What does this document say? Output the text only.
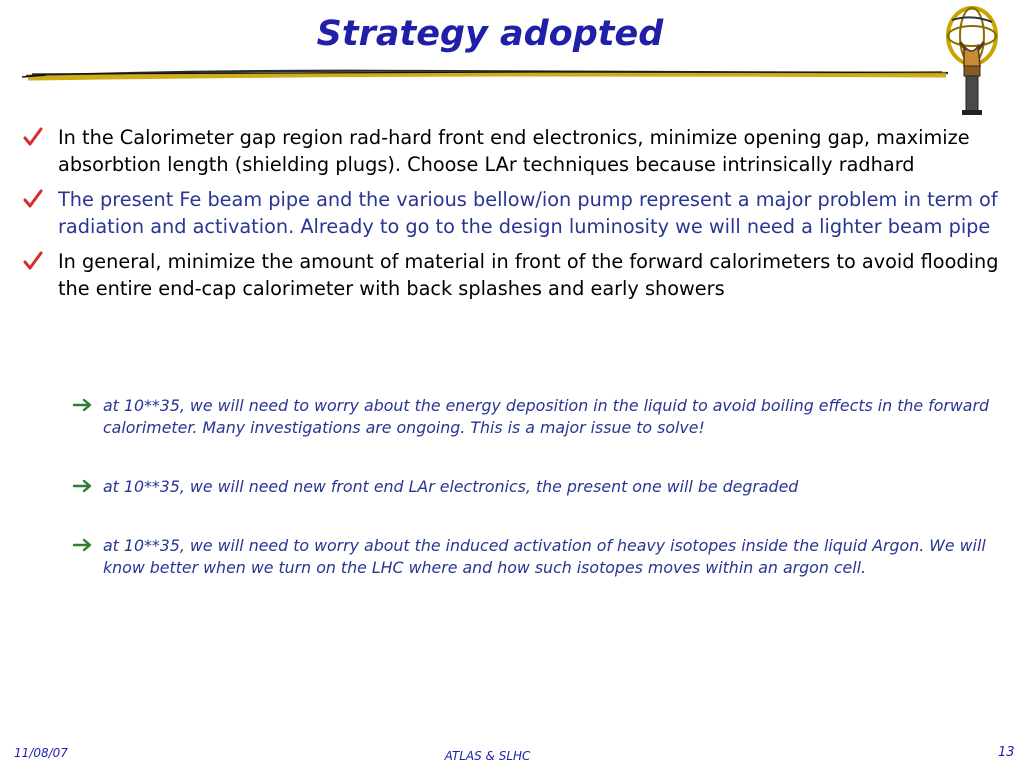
Strategy adopted
In the Calorimeter gap region rad-hard front end electronics, minimize opening gap, maximize absorbtion length (shielding plugs). Choose LAr techniques because intrinsically radhard
The present Fe beam pipe and the various bellow/ion pump represent a major problem in term of radiation and activation. Already to go to the design luminosity we will need a lighter beam pipe
In general, minimize the amount of material in front of the forward calorimeters to avoid flooding the entire end-cap calorimeter with back splashes and early showers
at 10**35, we will need to worry about the energy deposition in the liquid to avoid boiling effects in the forward calorimeter. Many investigations are ongoing. This is a major issue to solve!
at 10**35, we will need new front end LAr electronics, the present one will be degraded
at 10**35, we will need to worry about the induced activation of heavy isotopes inside the liquid Argon. We will know better when we turn on the LHC where and how such isotopes moves within an argon cell.
11/08/07	ATLAS & SLHC	13
